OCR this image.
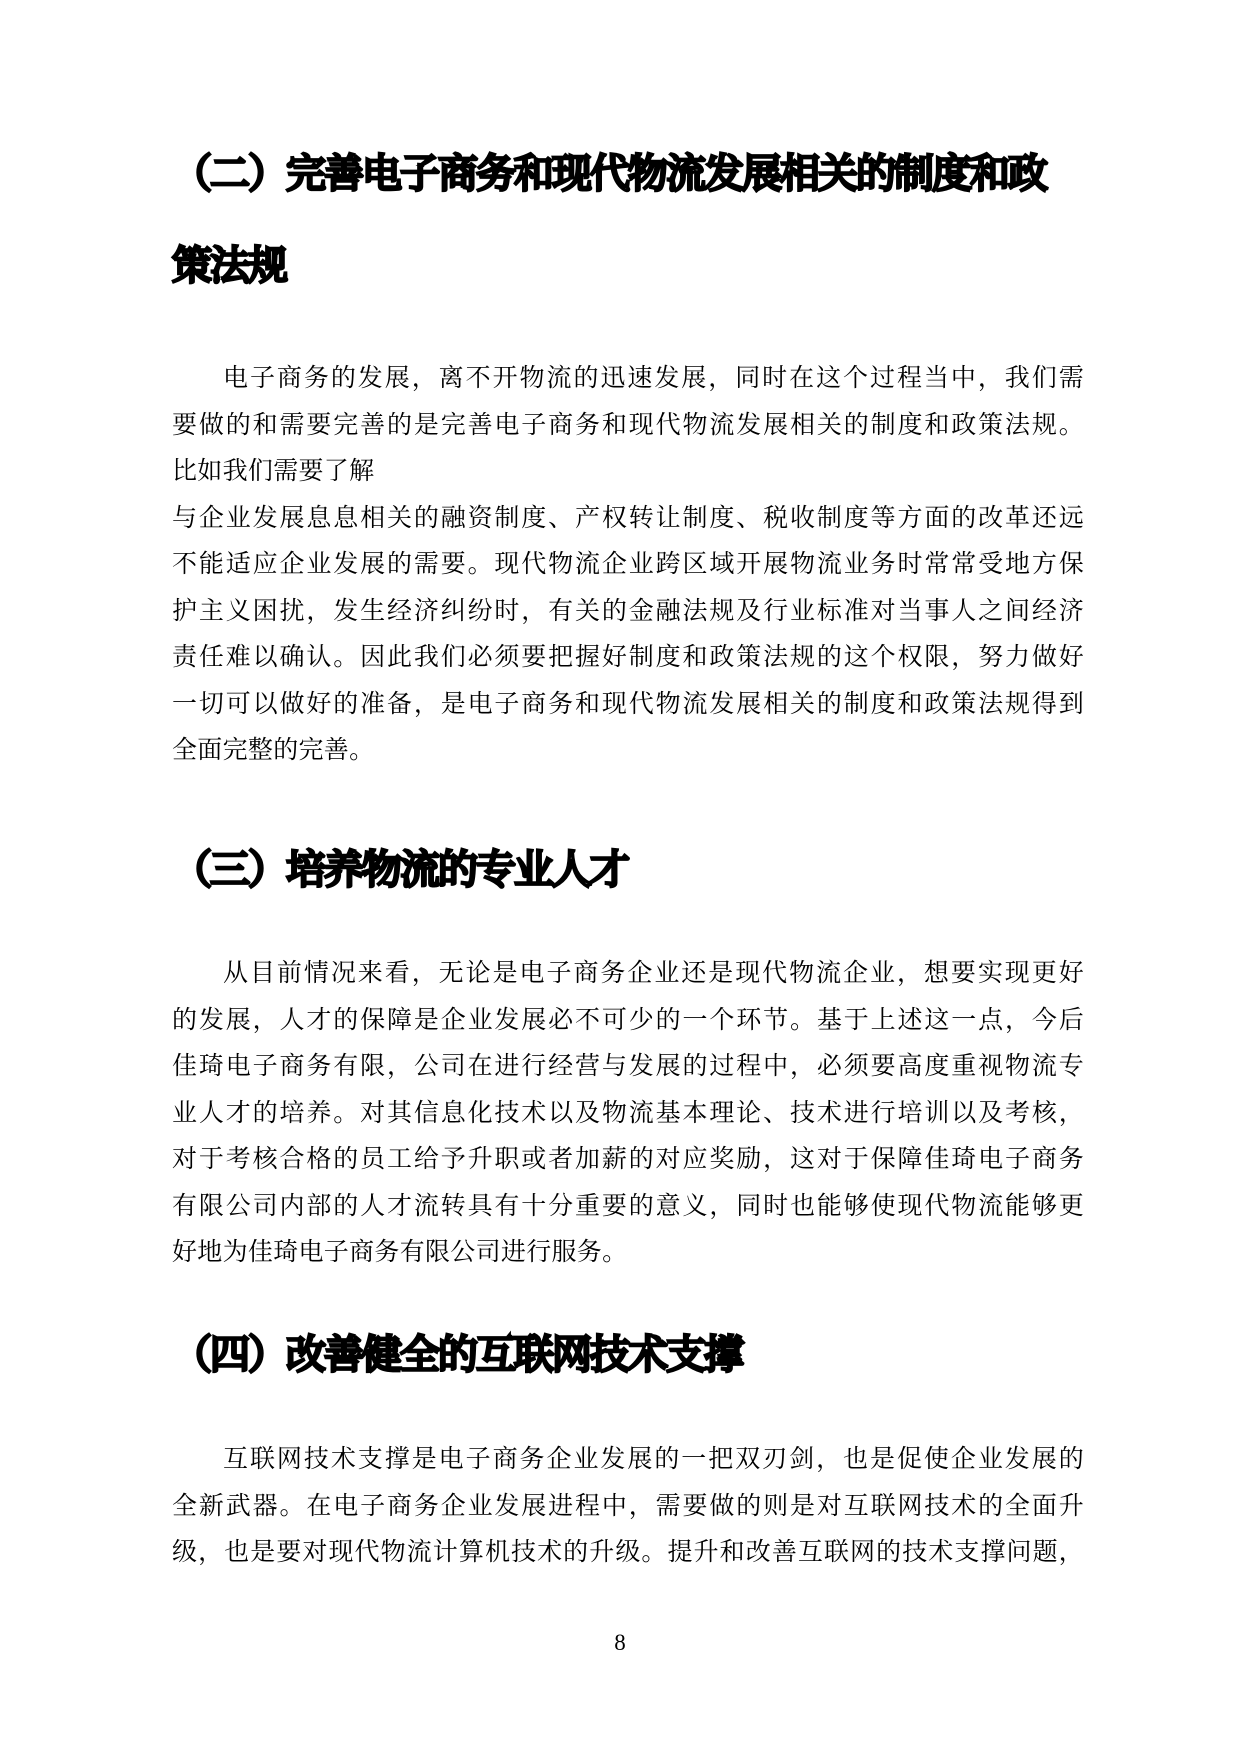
（二）完善电子商务和现代物流发展相关的制度和政
策法规
电子商务的发展，离不开物流的迅速发展，同时在这个过程当中，我们需
要做的和需要完善的是完善电子商务和现代物流发展相关的制度和政策法规。
比如我们需要了解
与企业发展息息相关的融资制度、产权转让制度、税收制度等方面的改革还远
不能适应企业发展的需要。现代物流企业跨区域开展物流业务时常常受地方保
护主义困扰，发生经济纠纷时，有关的金融法规及行业标准对当事人之间经济
责任难以确认。因此我们必须要把握好制度和政策法规的这个权限，努力做好
一切可以做好的准备，是电子商务和现代物流发展相关的制度和政策法规得到
全面完整的完善。
（三）培养物流的专业人才
从目前情况来看，无论是电子商务企业还是现代物流企业，想要实现更好
的发展，人才的保障是企业发展必不可少的一个环节。基于上述这一点，今后
佳琦电子商务有限，公司在进行经营与发展的过程中，必须要高度重视物流专
业人才的培养。对其信息化技术以及物流基本理论、技术进行培训以及考核，
对于考核合格的员工给予升职或者加薪的对应奖励，这对于保障佳琦电子商务
有限公司内部的人才流转具有十分重要的意义，同时也能够使现代物流能够更
好地为佳琦电子商务有限公司进行服务。
（四）改善健全的互联网技术支撑
互联网技术支撑是电子商务企业发展的一把双刃剑，也是促使企业发展的
全新武器。在电子商务企业发展进程中，需要做的则是对互联网技术的全面升
级，也是要对现代物流计算机技术的升级。提升和改善互联网的技术支撑问题，
8
